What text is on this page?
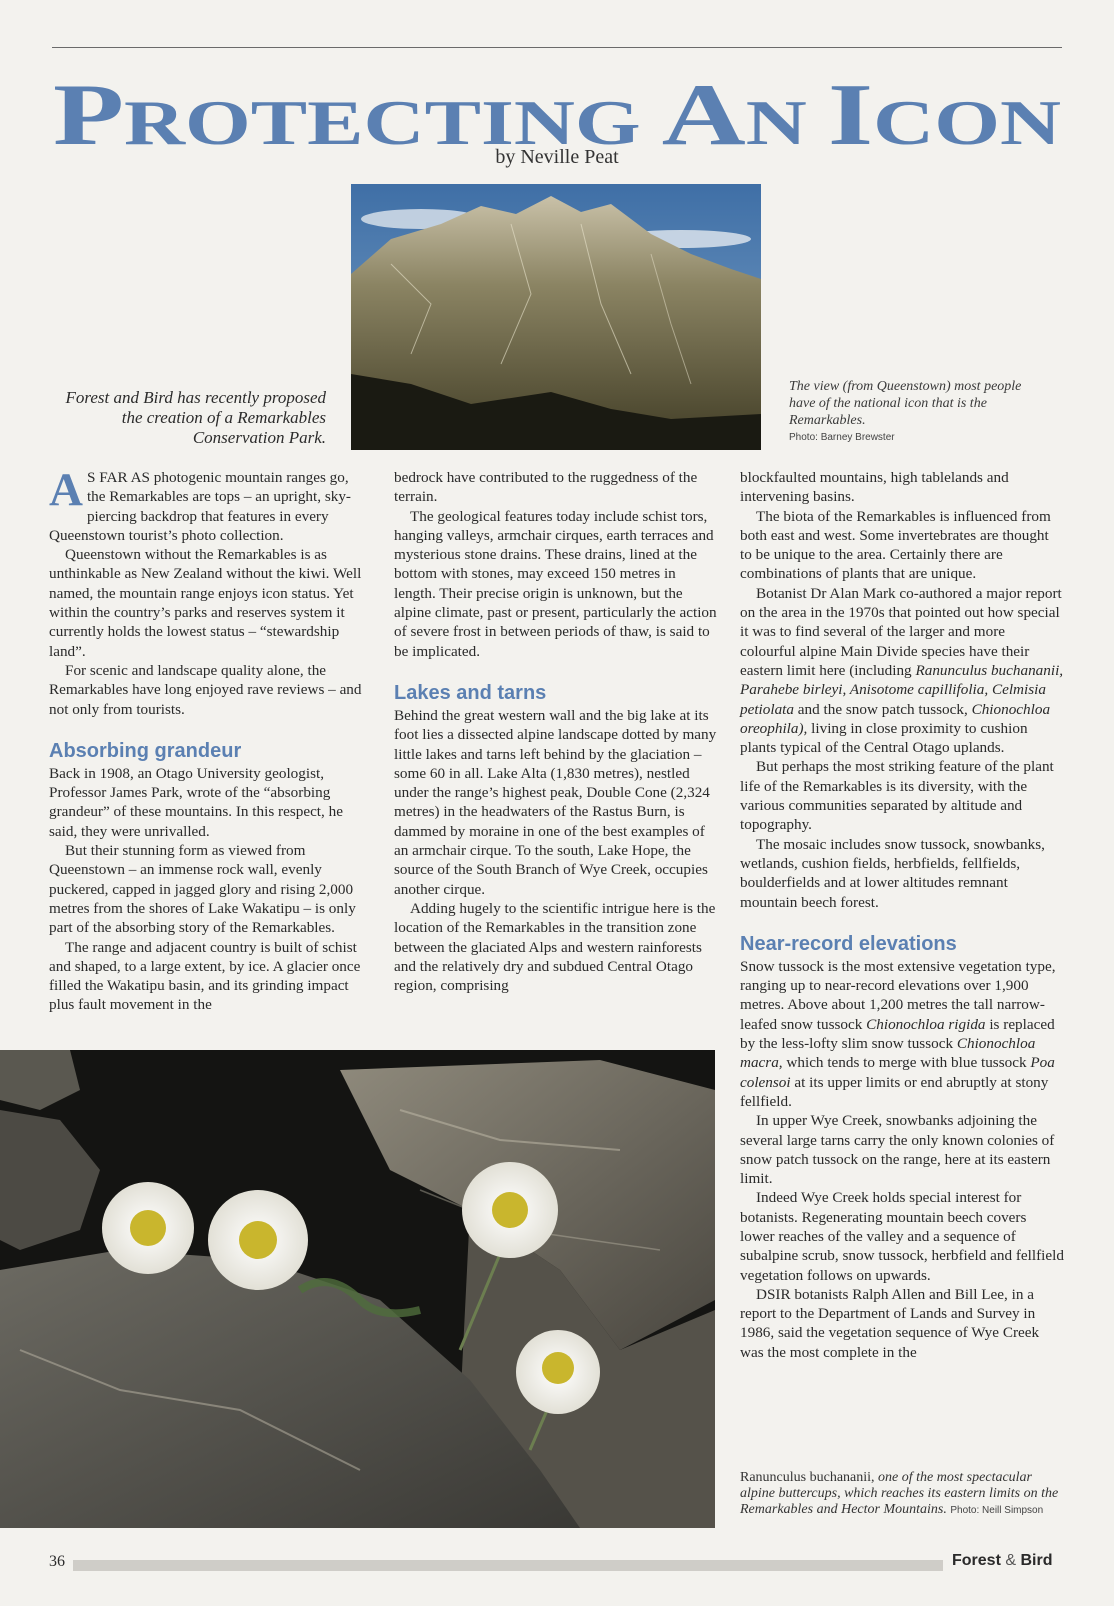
P ROTECTING A N I CON
by Neville Peat
Forest and Bird has recently proposed the creation of a Remarkables Conservation Park.
The view (from Queenstown) most people have of the national icon that is the Remarkables.
Photo: Barney Brewster

A S FAR AS photogenic mountain ranges go, the Remarkables are tops – an upright, sky-piercing backdrop that features in every Queenstown tourist’s photo collection.

Queenstown without the Remarkables is as unthinkable as New Zealand without the kiwi. Well named, the mountain range enjoys icon status. Yet within the country’s parks and reserves system it currently holds the lowest status – “stewardship land”.

For scenic and landscape quality alone, the Remarkables have long enjoyed rave reviews – and not only from tourists.

Absorbing grandeur

Back in 1908, an Otago University geologist, Professor James Park, wrote of the “absorbing grandeur” of these mountains. In this respect, he said, they were unrivalled.

But their stunning form as viewed from Queenstown – an immense rock wall, evenly puckered, capped in jagged glory and rising 2,000 metres from the shores of Lake Wakatipu – is only part of the absorbing story of the Remarkables.

The range and adjacent country is built of schist and shaped, to a large extent, by ice. A glacier once filled the Wakatipu basin, and its grinding impact plus fault movement in the

bedrock have contributed to the ruggedness of the terrain.

The geological features today include schist tors, hanging valleys, armchair cirques, earth terraces and mysterious stone drains. These drains, lined at the bottom with stones, may exceed 150 metres in length. Their precise origin is unknown, but the alpine climate, past or present, particularly the action of severe frost in between periods of thaw, is said to be implicated.

Lakes and tarns

Behind the great western wall and the big lake at its foot lies a dissected alpine landscape dotted by many little lakes and tarns left behind by the glaciation – some 60 in all. Lake Alta (1,830 metres), nestled under the range’s highest peak, Double Cone (2,324 metres) in the headwaters of the Rastus Burn, is dammed by moraine in one of the best examples of an armchair cirque. To the south, Lake Hope, the source of the South Branch of Wye Creek, occupies another cirque.

Adding hugely to the scientific intrigue here is the location of the Remarkables in the transition zone between the glaciated Alps and western rainforests and the relatively dry and subdued Central Otago region, comprising

blockfaulted mountains, high tablelands and intervening basins.

The biota of the Remarkables is influenced from both east and west. Some invertebrates are thought to be unique to the area. Certainly there are combinations of plants that are unique.

Botanist Dr Alan Mark co-authored a major report on the area in the 1970s that pointed out how special it was to find several of the larger and more colourful alpine Main Divide species have their eastern limit here (including Ranunculus buchananii, Parahebe birleyi, Anisotome capillifolia, Celmisia petiolata and the snow patch tussock, Chionochloa oreophila), living in close proximity to cushion plants typical of the Central Otago uplands.

But perhaps the most striking feature of the plant life of the Remarkables is its diversity, with the various communities separated by altitude and topography.

The mosaic includes snow tussock, snowbanks, wetlands, cushion fields, herbfields, fellfields, boulderfields and at lower altitudes remnant mountain beech forest.

Near-record elevations

Snow tussock is the most extensive vegetation type, ranging up to near-record elevations over 1,900 metres. Above about 1,200 metres the tall narrow-leafed snow tussock Chionochloa rigida is replaced by the less-lofty slim snow tussock Chionochloa macra, which tends to merge with blue tussock Poa colensoi at its upper limits or end abruptly at stony fellfield.

In upper Wye Creek, snowbanks adjoining the several large tarns carry the only known colonies of snow patch tussock on the range, here at its eastern limit.

Indeed Wye Creek holds special interest for botanists. Regenerating mountain beech covers lower reaches of the valley and a sequence of subalpine scrub, snow tussock, herbfield and fellfield vegetation follows on upwards.

DSIR botanists Ralph Allen and Bill Lee, in a report to the Department of Lands and Survey in 1986, said the vegetation sequence of Wye Creek was the most complete in the

Ranunculus buchananii, one of the most spectacular alpine buttercups, which reaches its eastern limits on the Remarkables and Hector Mountains. Photo: Neill Simpson
36	Forest & Bird
